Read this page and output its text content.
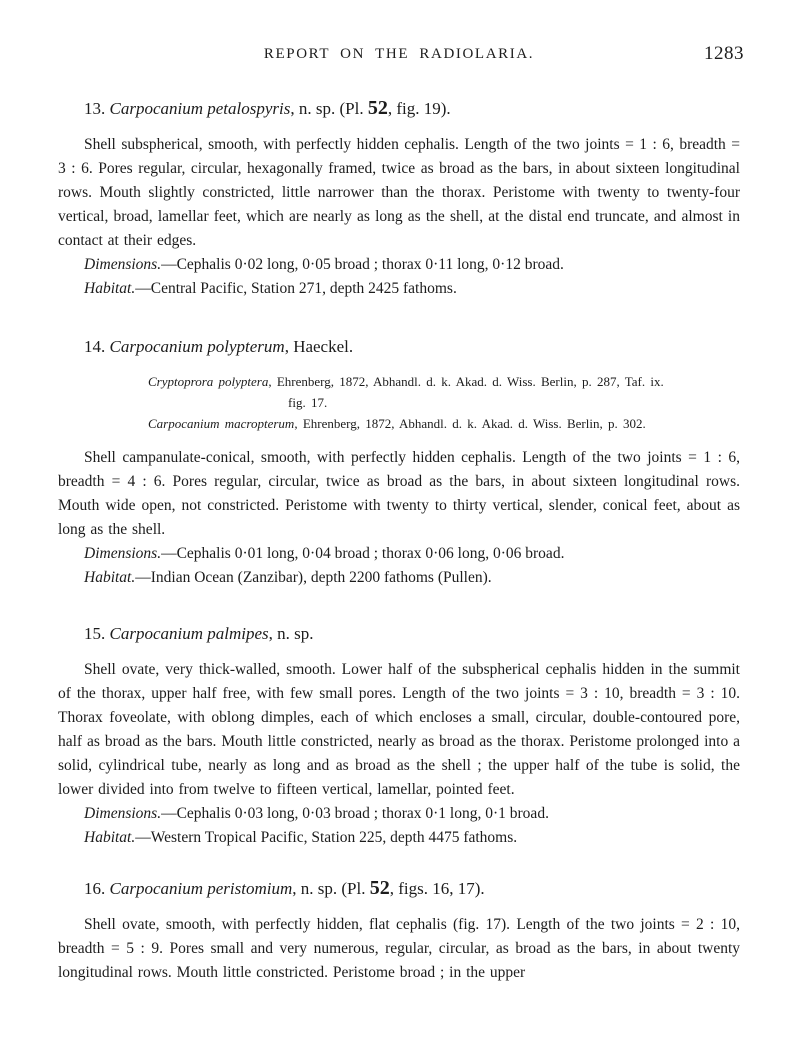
REPORT ON THE RADIOLARIA.	1283
13. Carpocanium petalospyris, n. sp. (Pl. 52, fig. 19).

Shell subspherical, smooth, with perfectly hidden cephalis. Length of the two joints = 1 : 6, breadth = 3 : 6. Pores regular, circular, hexagonally framed, twice as broad as the bars, in about sixteen longitudinal rows. Mouth slightly constricted, little narrower than the thorax. Peristome with twenty to twenty-four vertical, broad, lamellar feet, which are nearly as long as the shell, at the distal end truncate, and almost in contact at their edges.

Dimensions.—Cephalis 0·02 long, 0·05 broad ; thorax 0·11 long, 0·12 broad.

Habitat.—Central Pacific, Station 271, depth 2425 fathoms.

14. Carpocanium polypterum, Haeckel.
Cryptoprora polyptera, Ehrenberg, 1872, Abhandl. d. k. Akad. d. Wiss. Berlin, p. 287, Taf. ix.
fig. 17.
Carpocanium macropterum, Ehrenberg, 1872, Abhandl. d. k. Akad. d. Wiss. Berlin, p. 302.

Shell campanulate-conical, smooth, with perfectly hidden cephalis. Length of the two joints = 1 : 6, breadth = 4 : 6. Pores regular, circular, twice as broad as the bars, in about sixteen longitudinal rows. Mouth wide open, not constricted. Peristome with twenty to thirty vertical, slender, conical feet, about as long as the shell.

Dimensions.—Cephalis 0·01 long, 0·04 broad ; thorax 0·06 long, 0·06 broad.

Habitat.—Indian Ocean (Zanzibar), depth 2200 fathoms (Pullen).

15. Carpocanium palmipes, n. sp.

Shell ovate, very thick-walled, smooth. Lower half of the subspherical cephalis hidden in the summit of the thorax, upper half free, with few small pores. Length of the two joints = 3 : 10, breadth = 3 : 10. Thorax foveolate, with oblong dimples, each of which encloses a small, circular, double-contoured pore, half as broad as the bars. Mouth little constricted, nearly as broad as the thorax. Peristome prolonged into a solid, cylindrical tube, nearly as long and as broad as the shell ; the upper half of the tube is solid, the lower divided into from twelve to fifteen vertical, lamellar, pointed feet.

Dimensions.—Cephalis 0·03 long, 0·03 broad ; thorax 0·1 long, 0·1 broad.

Habitat.—Western Tropical Pacific, Station 225, depth 4475 fathoms.

16. Carpocanium peristomium, n. sp. (Pl. 52, figs. 16, 17).

Shell ovate, smooth, with perfectly hidden, flat cephalis (fig. 17). Length of the two joints = 2 : 10, breadth = 5 : 9. Pores small and very numerous, regular, circular, as broad as the bars, in about twenty longitudinal rows. Mouth little constricted. Peristome broad ; in the upper
